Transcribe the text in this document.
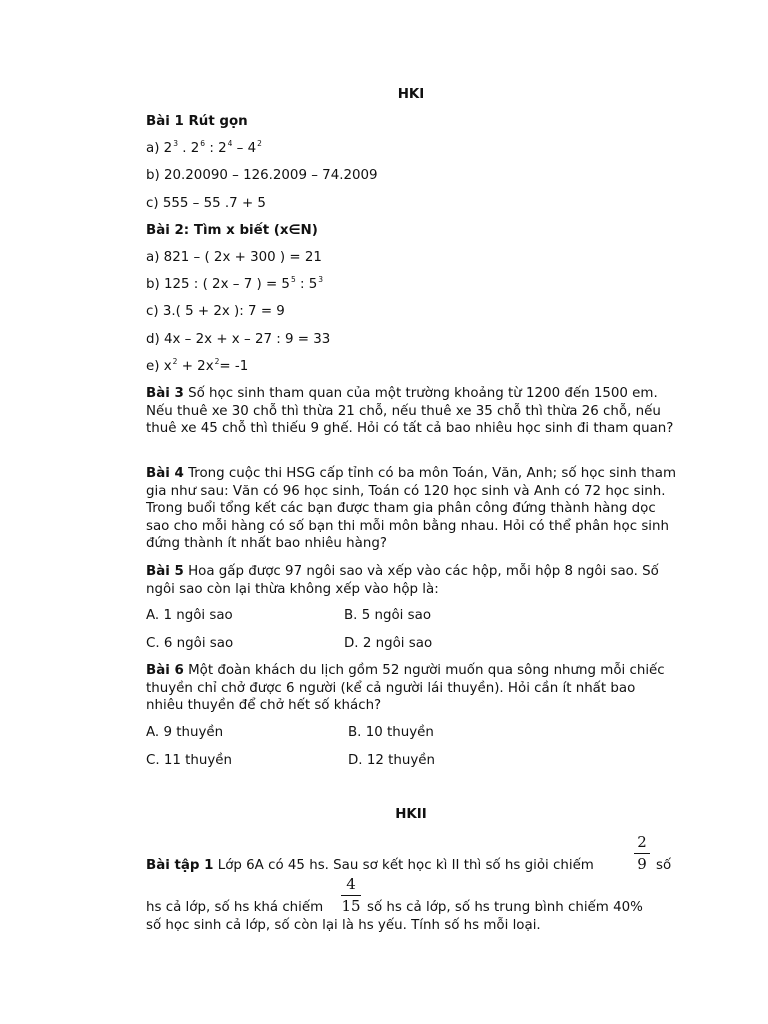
HKI

Bài 1 Rút gọn

a) $2^3$ . $2^6$ : $2^4 - 4^2$

b) 20.20090 – 126.2009 – 74.2009

c) 555 – 55 .7 + 5

Bài 2: Tìm x biết (x∈N)

a) 821 – ( 2x + 300 ) = 21

b) 125 : ( 2x – 7 ) = $5^5$ : $5^3$

c) 3.( 5 + 2x ): 7 = 9

d) 4x – 2x + x – 27 : 9 = 33

e) $x^2 + 2x^2= -1$

Bài 3 Số học sinh tham quan của một trường khoảng từ 1200 đến 1500 em. Nếu thuê xe 30 chỗ thì thừa 21 chỗ, nếu thuê xe 35 chỗ thì thừa 26 chỗ, nếu thuê xe 45 chỗ thì thiếu 9 ghế. Hỏi có tất cả bao nhiêu học sinh đi tham quan?

Bài 4 Trong cuộc thi HSG cấp tỉnh có ba môn Toán, Văn, Anh; số học sinh tham gia như sau: Văn có 96 học sinh, Toán có 120 học sinh và Anh có 72 học sinh. Trong buổi tổng kết các bạn được tham gia phân công đứng thành hàng dọc sao cho mỗi hàng có số bạn thi mỗi môn bằng nhau. Hỏi có thể phân học sinh đứng thành ít nhất bao nhiêu hàng?

Bài 5 Hoa gấp được 97 ngôi sao và xếp vào các hộp, mỗi hộp 8 ngôi sao. Số ngôi sao còn lại thừa không xếp vào hộp là:

A. 1 ngôi sao	B. 5 ngôi sao

C. 6 ngôi sao	D. 2 ngôi sao

Bài 6 Một đoàn khách du lịch gồm 52 người muốn qua sông nhưng mỗi chiếc thuyền chỉ chở được 6 người (kể cả người lái thuyền). Hỏi cần ít nhất bao nhiêu thuyền để chở hết số khách?

A. 9 thuyền	B. 10 thuyền

C. 11 thuyền	D. 12 thuyền

HKII

2
9

Bài tập 1 Lớp 6A có 45 hs. Sau sơ kết học kì II thì số hs giỏi chiếm	số

4
15

hs cả lớp, số hs khá chiếm	số hs cả lớp, số hs trung bình chiếm 40%

số học sinh cả lớp, số còn lại là hs yếu. Tính số hs mỗi loại.
